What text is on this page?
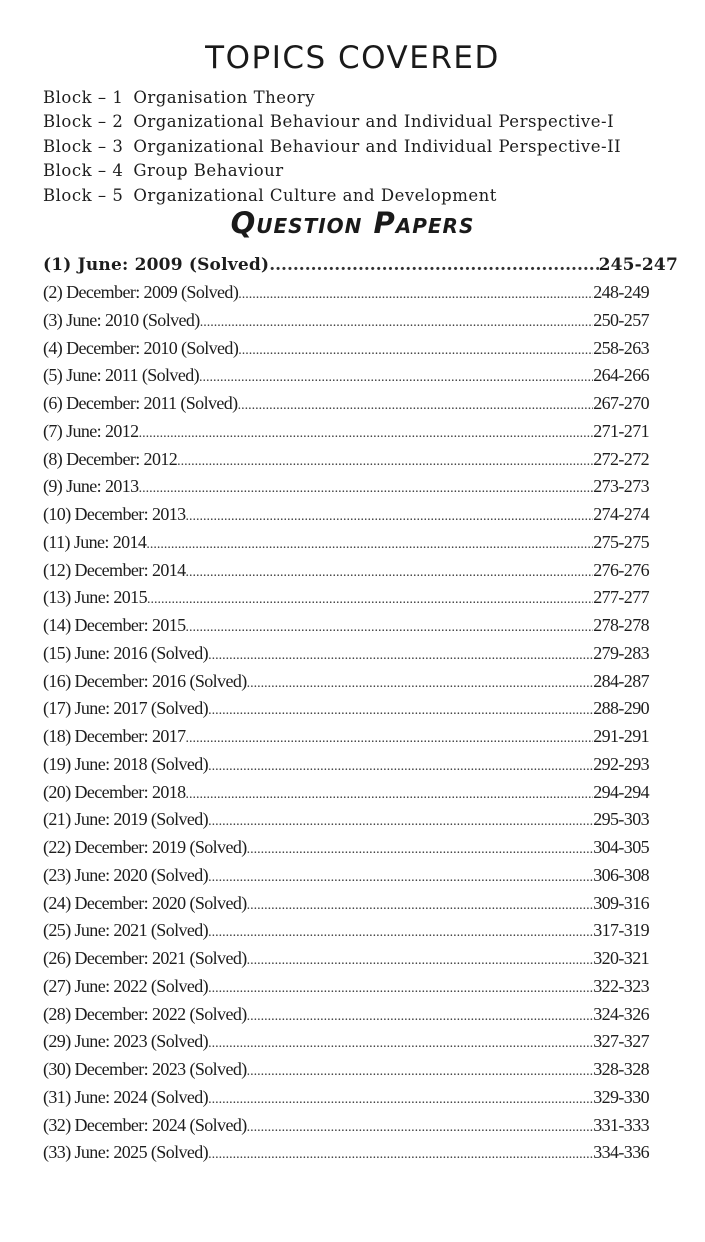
TOPICS COVERED
Block – 1 Organisation Theory
Block – 2 Organizational Behaviour and Individual Perspective-I
Block – 3 Organizational Behaviour and Individual Perspective-II
Block – 4 Group Behaviour
Block – 5 Organizational Culture and Development
Question Papers
(1) June: 2009 (Solved) .....	245-247
(2) December: 2009 (Solved) .....	248-249
(3) June: 2010 (Solved) .....	250-257
(4) December: 2010 (Solved) .....	258-263
(5) June: 2011 (Solved) .....	264-266
(6) December: 2011 (Solved) .....	267-270
(7) June: 2012 .....	271-271
(8) December: 2012 .....	272-272
(9) June: 2013 .....	273-273
(10) December: 2013 .....	274-274
(11) June: 2014 .....	275-275
(12) December: 2014 .....	276-276
(13) June: 2015 .....	277-277
(14) December: 2015 .....	278-278
(15) June: 2016 (Solved) .....	279-283
(16) December: 2016 (Solved) .....	284-287
(17) June: 2017 (Solved) .....	288-290
(18) December: 2017 .....	291-291
(19) June: 2018 (Solved) .....	292-293
(20) December: 2018 .....	294-294
(21) June: 2019 (Solved) .....	295-303
(22) December: 2019 (Solved) .....	304-305
(23) June: 2020 (Solved) .....	306-308
(24) December: 2020 (Solved) .....	309-316
(25) June: 2021 (Solved) .....	317-319
(26) December: 2021 (Solved) .....	320-321
(27) June: 2022 (Solved) .....	322-323
(28) December: 2022 (Solved) .....	324-326
(29) June: 2023 (Solved) .....	327-327
(30) December: 2023 (Solved) .....	328-328
(31) June: 2024 (Solved) .....	329-330
(32) December: 2024 (Solved) .....	331-333
(33) June: 2025 (Solved) .....	334-336
